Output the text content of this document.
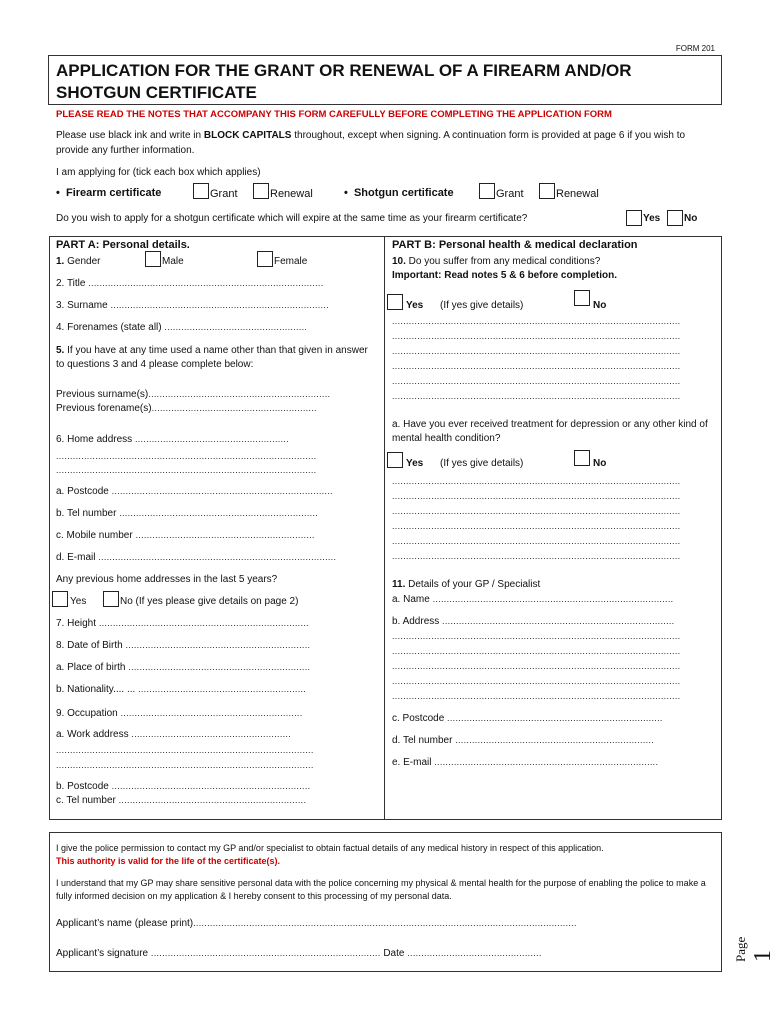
FORM 201
APPLICATION FOR THE GRANT OR RENEWAL OF A FIREARM AND/OR SHOTGUN CERTIFICATE
PLEASE READ THE NOTES THAT ACCOMPANY THIS FORM CAREFULLY BEFORE COMPLETING THE APPLICATION FORM
Please use black ink and write in BLOCK CAPITALS throughout, except when signing. A continuation form is provided at page 6 if you wish to provide any further information.
I am applying for (tick each box which applies)
•  Firearm certificate	Grant	Renewal	•  Shotgun certificate	Grant	Renewal
Do you wish to apply for a shotgun certificate which will expire at the same time as your firearm certificate?	Yes No
PART A: Personal details.
1. Gender	Male	Female
2. Title ....................................................................................
3. Surname ..............................................................................
4. Forenames (state all) ...................................................
5. If you have at any time used a name other than that given in answer to questions 3 and 4 please complete below:
Previous surname(s).................................................................
Previous forename(s)...........................................................
6. Home address .......................................................
.............................................................................................
.............................................................................................
a. Postcode ...............................................................................
b. Tel number .......................................................................
c. Mobile number ................................................................
d. E-mail .....................................................................................
Any previous home addresses in the last 5 years?
Yes	No (If yes please give details on page 2)
7. Height ...........................................................................
8. Date of Birth ..................................................................
a. Place of birth .................................................................
b. Nationality.... ... ............................................................
9. Occupation .................................................................
a. Work address .........................................................
............................................................................................
............................................................................................
b. Postcode .......................................................................
c. Tel number ...................................................................
PART B: Personal health & medical declaration
10. Do you suffer from any medical conditions?
Important: Read notes 5 & 6 before completion.
Yes (If yes give details)	No
.......................................................................................................
.......................................................................................................
.......................................................................................................
.......................................................................................................
.......................................................................................................
.......................................................................................................
a. Have you ever received treatment for depression or any other kind of mental health condition?
Yes (If yes give details)	No
.......................................................................................................
.......................................................................................................
.......................................................................................................
.......................................................................................................
.......................................................................................................
.......................................................................................................
11. Details of your GP / Specialist
a. Name ......................................................................................
b. Address ...................................................................................
.......................................................................................................
.......................................................................................................
.......................................................................................................
.......................................................................................................
.......................................................................................................
c. Postcode .............................................................................
d. Tel number .......................................................................
e. E-mail ................................................................................
I give the police permission to contact my GP and/or specialist to obtain factual details of any medical history in respect of this application.
This authority is valid for the life of the certificate(s).
I understand that my GP may share sensitive personal data with the police concerning my physical & mental health for the purpose of enabling the police to make a fully informed decision on my application & I hereby consent to this processing of my personal data.
Applicant’s name (please print).........................................................................................................................................
Applicant’s signature .................................................................................. Date ................................................	Page 1
